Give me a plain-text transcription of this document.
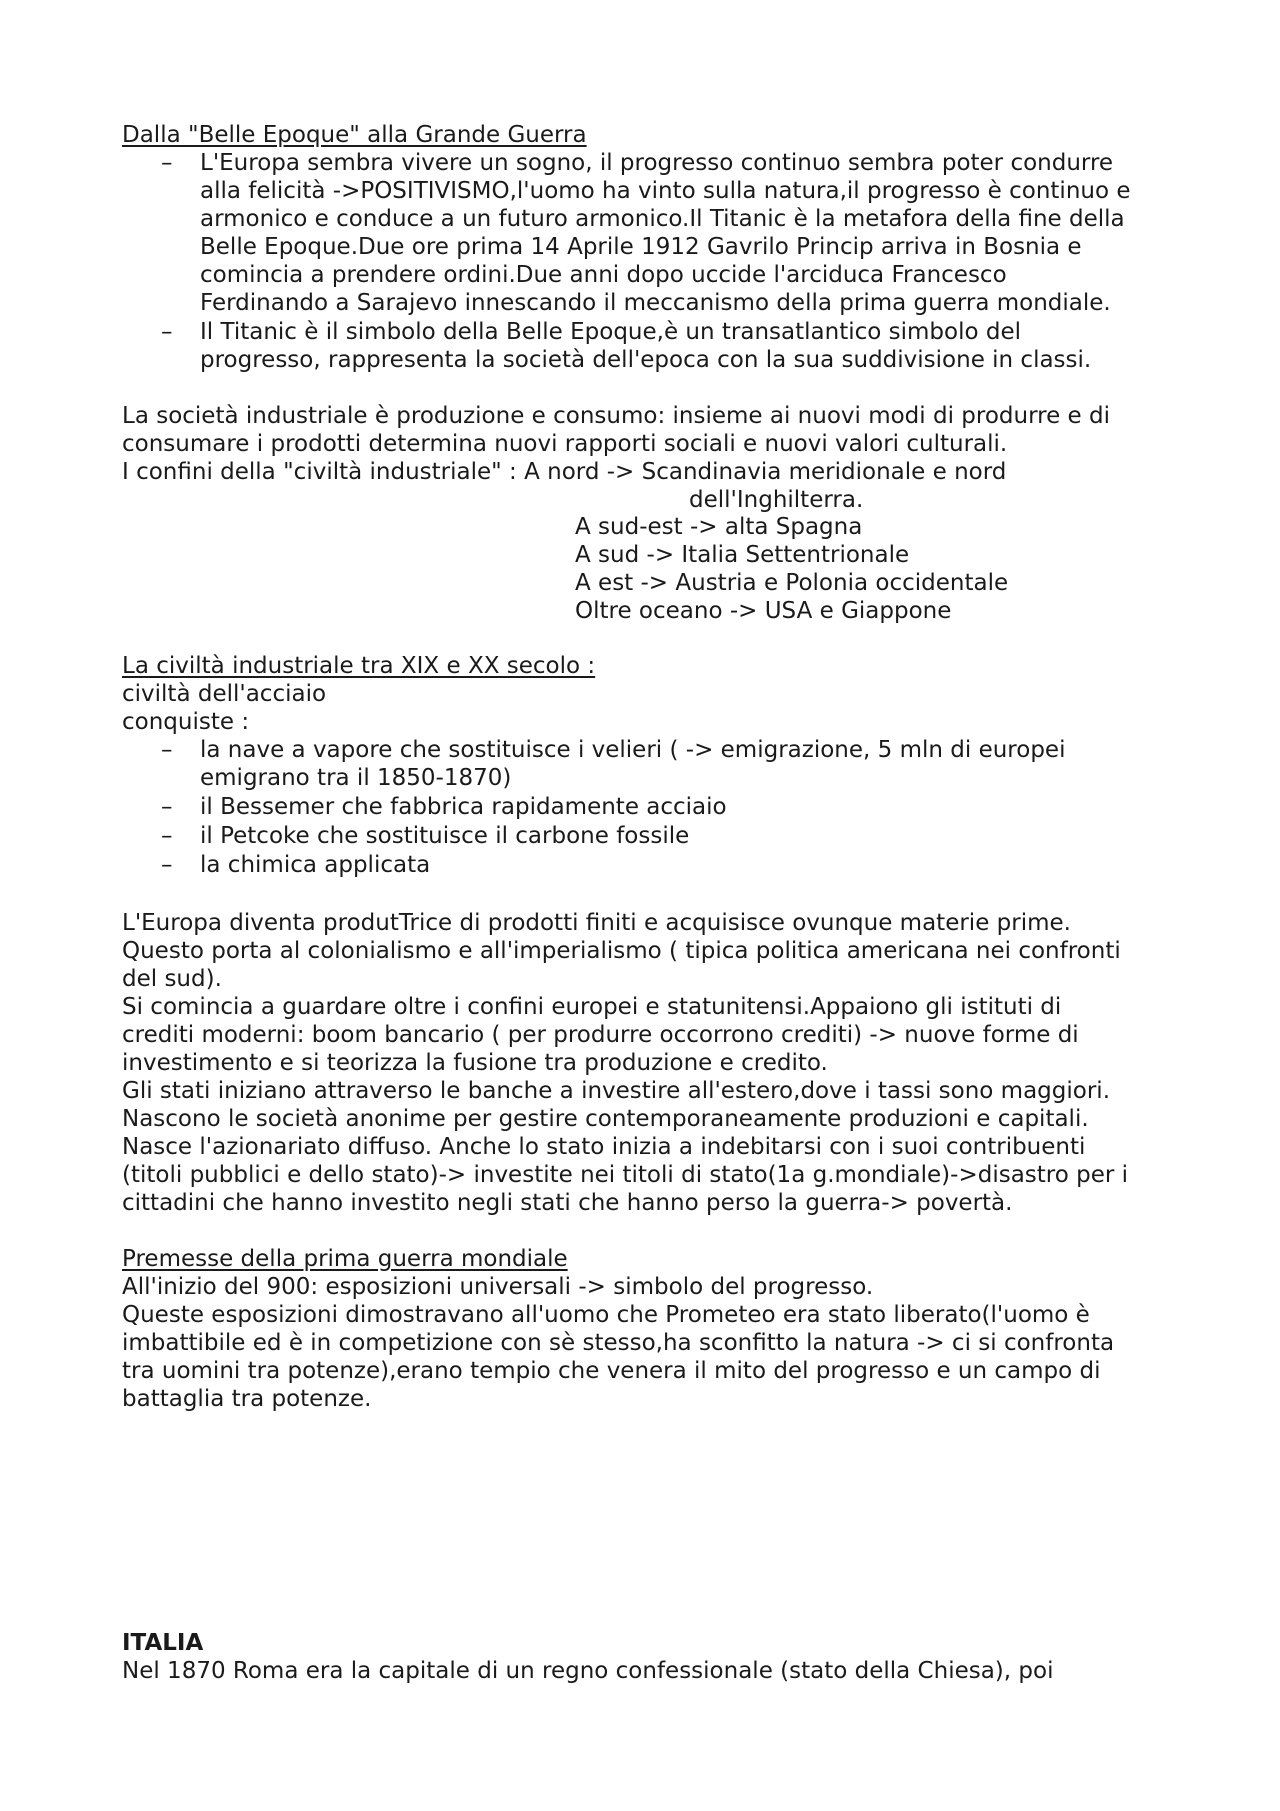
Dalla "Belle Epoque" alla Grande Guerra

– L'Europa sembra vivere un sogno, il progresso continuo sembra poter condurre

alla felicità ->POSITIVISMO,l'uomo ha vinto sulla natura,il progresso è continuo e

armonico e conduce a un futuro armonico.Il Titanic è la metafora della fine della

Belle Epoque.Due ore prima 14 Aprile 1912 Gavrilo Princip arriva in Bosnia e

comincia a prendere ordini.Due anni dopo uccide l'arciduca Francesco

Ferdinando a Sarajevo innescando il meccanismo della prima guerra mondiale.

– Il Titanic è il simbolo della Belle Epoque,è un transatlantico simbolo del

progresso, rappresenta la società dell'epoca con la sua suddivisione in classi.

La società industriale è produzione e consumo: insieme ai nuovi modi di produrre e di

consumare i prodotti determina nuovi rapporti sociali e nuovi valori culturali.

I confini della "civiltà industriale" : A nord -> Scandinavia meridionale e nord

dell'Inghilterra.

A sud-est -> alta Spagna

A sud -> Italia Settentrionale

A est -> Austria e Polonia occidentale

Oltre oceano -> USA e Giappone

La civiltà industriale tra XIX e XX secolo :

civiltà dell'acciaio

conquiste :

– la nave a vapore che sostituisce i velieri ( -> emigrazione, 5 mln di europei

emigrano tra il 1850-1870)

– il Bessemer che fabbrica rapidamente acciaio

– il Petcoke che sostituisce il carbone fossile

– la chimica applicata

L'Europa diventa produtTrice di prodotti finiti e acquisisce ovunque materie prime.

Questo porta al colonialismo e all'imperialismo ( tipica politica americana nei confronti

del sud).

Si comincia a guardare oltre i confini europei e statunitensi.Appaiono gli istituti di

crediti moderni: boom bancario ( per produrre occorrono crediti) -> nuove forme di

investimento e si teorizza la fusione tra produzione e credito.

Gli stati iniziano attraverso le banche a investire all'estero,dove i tassi sono maggiori.

Nascono le società anonime per gestire contemporaneamente produzioni e capitali.

Nasce l'azionariato diffuso. Anche lo stato inizia a indebitarsi con i suoi contribuenti

(titoli pubblici e dello stato)-> investite nei titoli di stato(1a g.mondiale)->disastro per i

cittadini che hanno investito negli stati che hanno perso la guerra-> povertà.

Premesse della prima guerra mondiale

All'inizio del 900: esposizioni universali -> simbolo del progresso.

Queste esposizioni dimostravano all'uomo che Prometeo era stato liberato(l'uomo è

imbattibile ed è in competizione con sè stesso,ha sconfitto la natura -> ci si confronta

tra uomini tra potenze),erano tempio che venera il mito del progresso e un campo di

battaglia tra potenze.

ITALIA

Nel 1870 Roma era la capitale di un regno confessionale (stato della Chiesa), poi
